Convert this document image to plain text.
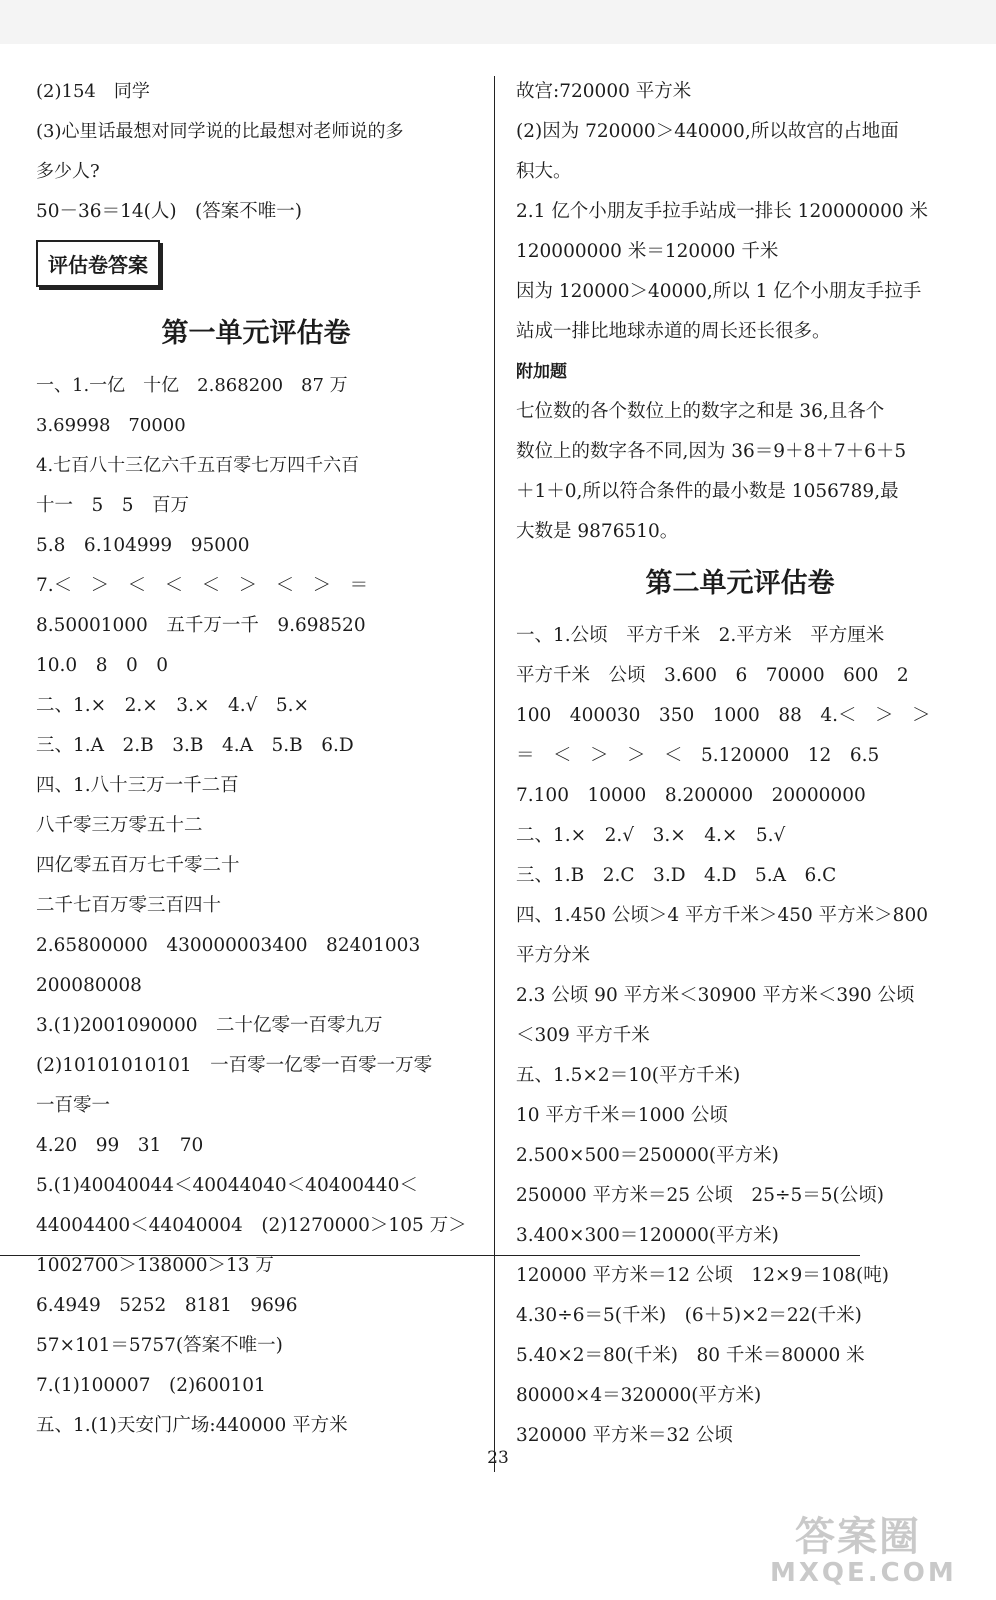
(2)154　同学
(3)心里话最想对同学说的比最想对老师说的多
多少人?
50－36＝14(人)　(答案不唯一)
评估卷答案
第一单元评估卷
一、1.一亿　十亿　2.868200　87 万
3.69998　70000
4.七百八十三亿六千五百零七万四千六百
十一　5　5　百万
5.8　6.104999　95000
7.＜　＞　＜　＜　＜　＞　＜　＞　＝
8.50001000　五千万一千　9.698520
10.0　8　0　0
二、1.×　2.×　3.×　4.√　5.×
三、1.A　2.B　3.B　4.A　5.B　6.D
四、1.八十三万一千二百
八千零三万零五十二
四亿零五百万七千零二十
二千七百万零三百四十
2.65800000　430000003400　82401003
200080008
3.(1)2001090000　二十亿零一百零九万
(2)10101010101　一百零一亿零一百零一万零
一百零一
4.20　99　31　70
5.(1)40040044＜40044040＜40400440＜
44004400＜44040004　(2)1270000＞105 万＞
1002700＞138000＞13 万
6.4949　5252　8181　9696
57×101＝5757(答案不唯一)
7.(1)100007　(2)600101
五、1.(1)天安门广场:440000 平方米
故宫:720000 平方米
(2)因为 720000＞440000,所以故宫的占地面
积大。
2.1 亿个小朋友手拉手站成一排长 120000000 米
120000000 米＝120000 千米
因为 120000＞40000,所以 1 亿个小朋友手拉手
站成一排比地球赤道的周长还长很多。
附加题
七位数的各个数位上的数字之和是 36,且各个
数位上的数字各不同,因为 36＝9＋8＋7＋6＋5
＋1＋0,所以符合条件的最小数是 1056789,最
大数是 9876510。
第二单元评估卷
一、1.公顷　平方千米　2.平方米　平方厘米
平方千米　公顷　3.600　6　70000　600　2
100　400030　350　1000　88　4.＜　＞　＞
＝　＜　＞　＞　＜　5.120000　12　6.5
7.100　10000　8.200000　20000000
二、1.×　2.√　3.×　4.×　5.√
三、1.B　2.C　3.D　4.D　5.A　6.C
四、1.450 公顷＞4 平方千米＞450 平方米＞800
平方分米
2.3 公顷 90 平方米＜30900 平方米＜390 公顷
＜309 平方千米
五、1.5×2＝10(平方千米)
10 平方千米＝1000 公顷
2.500×500＝250000(平方米)
250000 平方米＝25 公顷　25÷5＝5(公顷)
3.400×300＝120000(平方米)
120000 平方米＝12 公顷　12×9＝108(吨)
4.30÷6＝5(千米)　(6＋5)×2＝22(千米)
5.40×2＝80(千米)　80 千米＝80000 米
80000×4＝320000(平方米)
320000 平方米＝32 公顷
23
答案圈
MXQE.COM
